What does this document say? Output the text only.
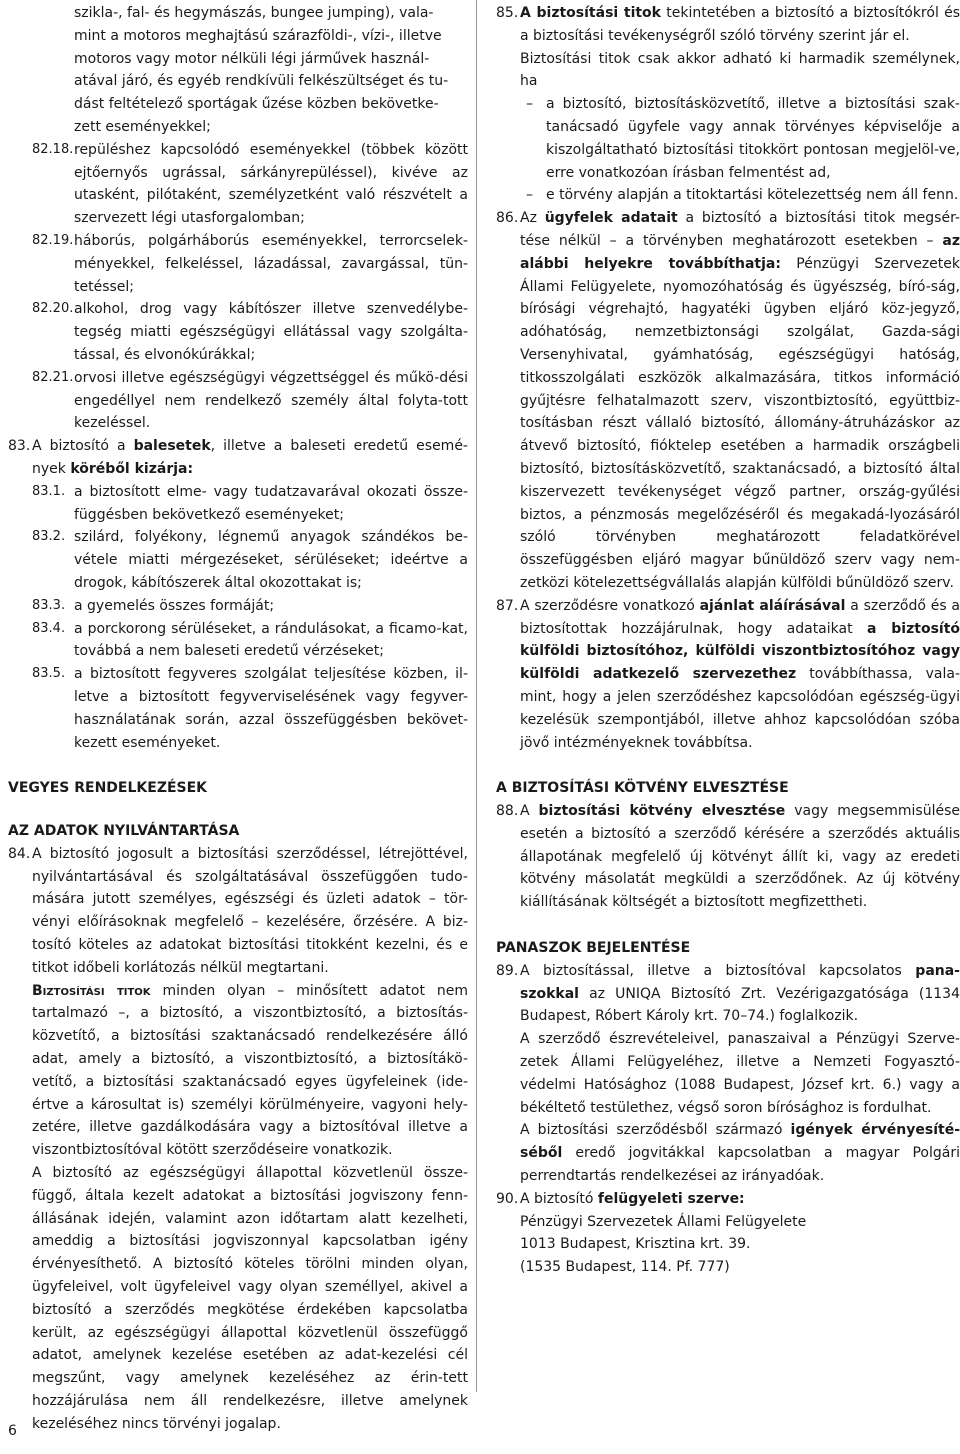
szikla-, fal- és hegymászás, bungee jumping), vala-
mint a motoros meghajtású szárazföldi-, vízi-, illetve
motoros vagy motor nélküli légi járművek használ-
atával járó, és egyéb rendkívüli felkészültséget és tu-
dást feltételező sportágak űzése közben bekövetke-
zett eseményekkel;
82.18. repüléshez kapcsolódó eseményekkel (többek között ejtőernyős ugrással, sárkányrepüléssel), kivéve az utasként, pilótaként, személyzetként való részvételt a szervezett légi utasforgalomban;
82.19. háborús, polgárháborús eseményekkel, terrorcselek-ményekkel, felkeléssel, lázadással, zavargással, tün-tetéssel;
82.20. alkohol, drog vagy kábítószer illetve szenvedélybe-tegség miatti egészségügyi ellátással vagy szolgálta-tással, és elvonókúrákkal;
82.21. orvosi illetve egészségügyi végzettséggel és műkö-dési engedéllyel nem rendelkező személy által folyta-tott kezeléssel.
83. A biztosító a balesetek, illetve a baleseti eredetű esemé-nyek köréből kizárja:
83.1. a biztosított elme- vagy tudatzavarával okozati össze-függésben bekövetkező eseményeket;
83.2. szilárd, folyékony, légnemű anyagok szándékos be-vétele miatti mérgezéseket, sérüléseket; ideértve a drogok, kábítószerek által okozottakat is;
83.3. a gyemelés összes formáját;
83.4. a porckorong sérüléseket, a rándulásokat, a ficamo-kat, továbbá a nem baleseti eredetű vérzéseket;
83.5. a biztosított fegyveres szolgálat teljesítése közben, il-letve a biztosított fegyverviselésének vagy fegyver-használatának során, azzal összefüggésben bekövet-kezett eseményeket.
VEGYES RENDELKEZÉSEK
AZ ADATOK NYILVÁNTARTÁSA
84. A biztosító jogosult a biztosítási szerződéssel, létrejöttével, nyilvántartásával és szolgáltatásával összefüggően tudo-mására jutott személyes, egészségi és üzleti adatok – tör-vényi előírásoknak megfelelő – kezelésére, őrzésére. A biz-tosító köteles az adatokat biztosítási titokként kezelni, és e titkot időbeli korlátozás nélkül megtartani.
Biztosítási titok minden olyan – minősített adatot nem tartalmazó –, a biztosító, a viszontbiztosító, a biztosítás-közvetítő, a biztosítási szaktanácsadó rendelkezésére álló adat, amely a biztosító, a viszontbiztosító, a biztosítákö-vetítő, a biztosítási szaktanácsadó egyes ügyfeleinek (ide-értve a károsultat is) személyi körülményeire, vagyoni hely-zetére, illetve gazdálkodására vagy a biztosítóval illetve a viszontbiztosítóval kötött szerződéseire vonatkozik.
A biztosító az egészségügyi állapottal közvetlenül össze-függő, általa kezelt adatokat a biztosítási jogviszony fenn-állásának idején, valamint azon időtartam alatt kezelheti, ameddig a biztosítási jogviszonnyal kapcsolatban igény érvényesíthető. A biztosító köteles törölni minden olyan, ügyfeleivel, volt ügyfeleivel vagy olyan személlyel, akivel a biztosító a szerződés megkötése érdekében kapcsolatba került, az egészségügyi állapottal közvetlenül összefüggő adatot, amelynek kezelése esetében az adat-kezelési cél megszűnt, vagy amelynek kezeléséhez az érin-tett hozzájárulása nem áll rendelkezésre, illetve amelynek kezeléséhez nincs törvényi jogalap.
85. A biztosítási titok tekintetében a biztosító a biztosítókról és a biztosítási tevékenységről szóló törvény szerint jár el.
Biztosítási titok csak akkor adható ki harmadik személynek, ha
– a biztosító, biztosításközvetítő, illetve a biztosítási szak-tanácsadó ügyfele vagy annak törvényes képviselője a kiszolgáltatható biztosítási titokkört pontosan megjelöl-ve, erre vonatkozóan írásban felmentést ad,
– e törvény alapján a titoktartási kötelezettség nem áll fenn.
86. Az ügyfelek adatait a biztosító a biztosítási titok megsér-tése nélkül – a törvényben meghatározott esetekben – az alábbi helyekre továbbíthatja: Pénzügyi Szervezetek Állami Felügyelete, nyomozóhatóság és ügyészség, bíró-ság, bírósági végrehajtó, hagyatéki ügyben eljáró köz-jegyző, adóhatóság, nemzetbiztonsági szolgálat, Gazda-sági Versenyhivatal, gyámhatóság, egészségügyi hatóság, titkosszolgálati eszközök alkalmazására, titkos információ gyűjtésre felhatalmazott szerv, viszontbiztosító, együttbiz-tosításban részt vállaló biztosító, állomány-átruházáskor az átvevő biztosító, fióktelep esetében a harmadik országbeli biztosító, biztosításközvetítő, szaktanácsadó, a biztosító által kiszervezett tevékenységet végző partner, ország-gyűlési biztos, a pénzmosás megelőzéséről és megakadá-lyozásáról szóló törvényben meghatározott feladatkörével összefüggésben eljáró magyar bűnüldöző szerv vagy nem-zetközi kötelezettségvállalás alapján külföldi bűnüldöző szerv.
87. A szerződésre vonatkozó ajánlat aláírásával a szerződő és a biztosítottak hozzájárulnak, hogy adataikat a biztosító külföldi biztosítóhoz, külföldi viszontbiztosítóhoz vagy külföldi adatkezelő szervezethez továbbíthassa, vala-mint, hogy a jelen szerződéshez kapcsolódóan egészség-ügyi kezelésük szempontjából, illetve ahhoz kapcsolódóan szóba jövő intézményeknek továbbítsa.
A BIZTOSÍTÁSI KÖTVÉNY ELVESZTÉSE
88. A biztosítási kötvény elvesztése vagy megsemmisülése esetén a biztosító a szerződő kérésére a szerződés aktuális állapotának megfelelő új kötvényt állít ki, vagy az eredeti kötvény másolatát megküldi a szerződőnek. Az új kötvény kiállításának költségét a biztosított megfizettheti.
PANASZOK BEJELENTÉSE
89. A biztosítással, illetve a biztosítóval kapcsolatos pana-szokkal az UNIQA Biztosító Zrt. Vezérigazgatósága (1134 Budapest, Róbert Károly krt. 70–74.) foglalkozik.
A szerződő észrevételeivel, panaszaival a Pénzügyi Szerve-zetek Állami Felügyeléhez, illetve a Nemzeti Fogyasztó-védelmi Hatósághoz (1088 Budapest, József krt. 6.) vagy a békéltető testülethez, végső soron bírósághoz is fordulhat.
A biztosítási szerződésből származó igények érvényesíté-séből eredő jogvitákkal kapcsolatban a magyar Polgári perrendtartás rendelkezései az irányadóak.
90. A biztosító felügyeleti szerve:
Pénzügyi Szervezetek Állami Felügyelete
1013 Budapest, Krisztina krt. 39.
(1535 Budapest, 114. Pf. 777)
6
